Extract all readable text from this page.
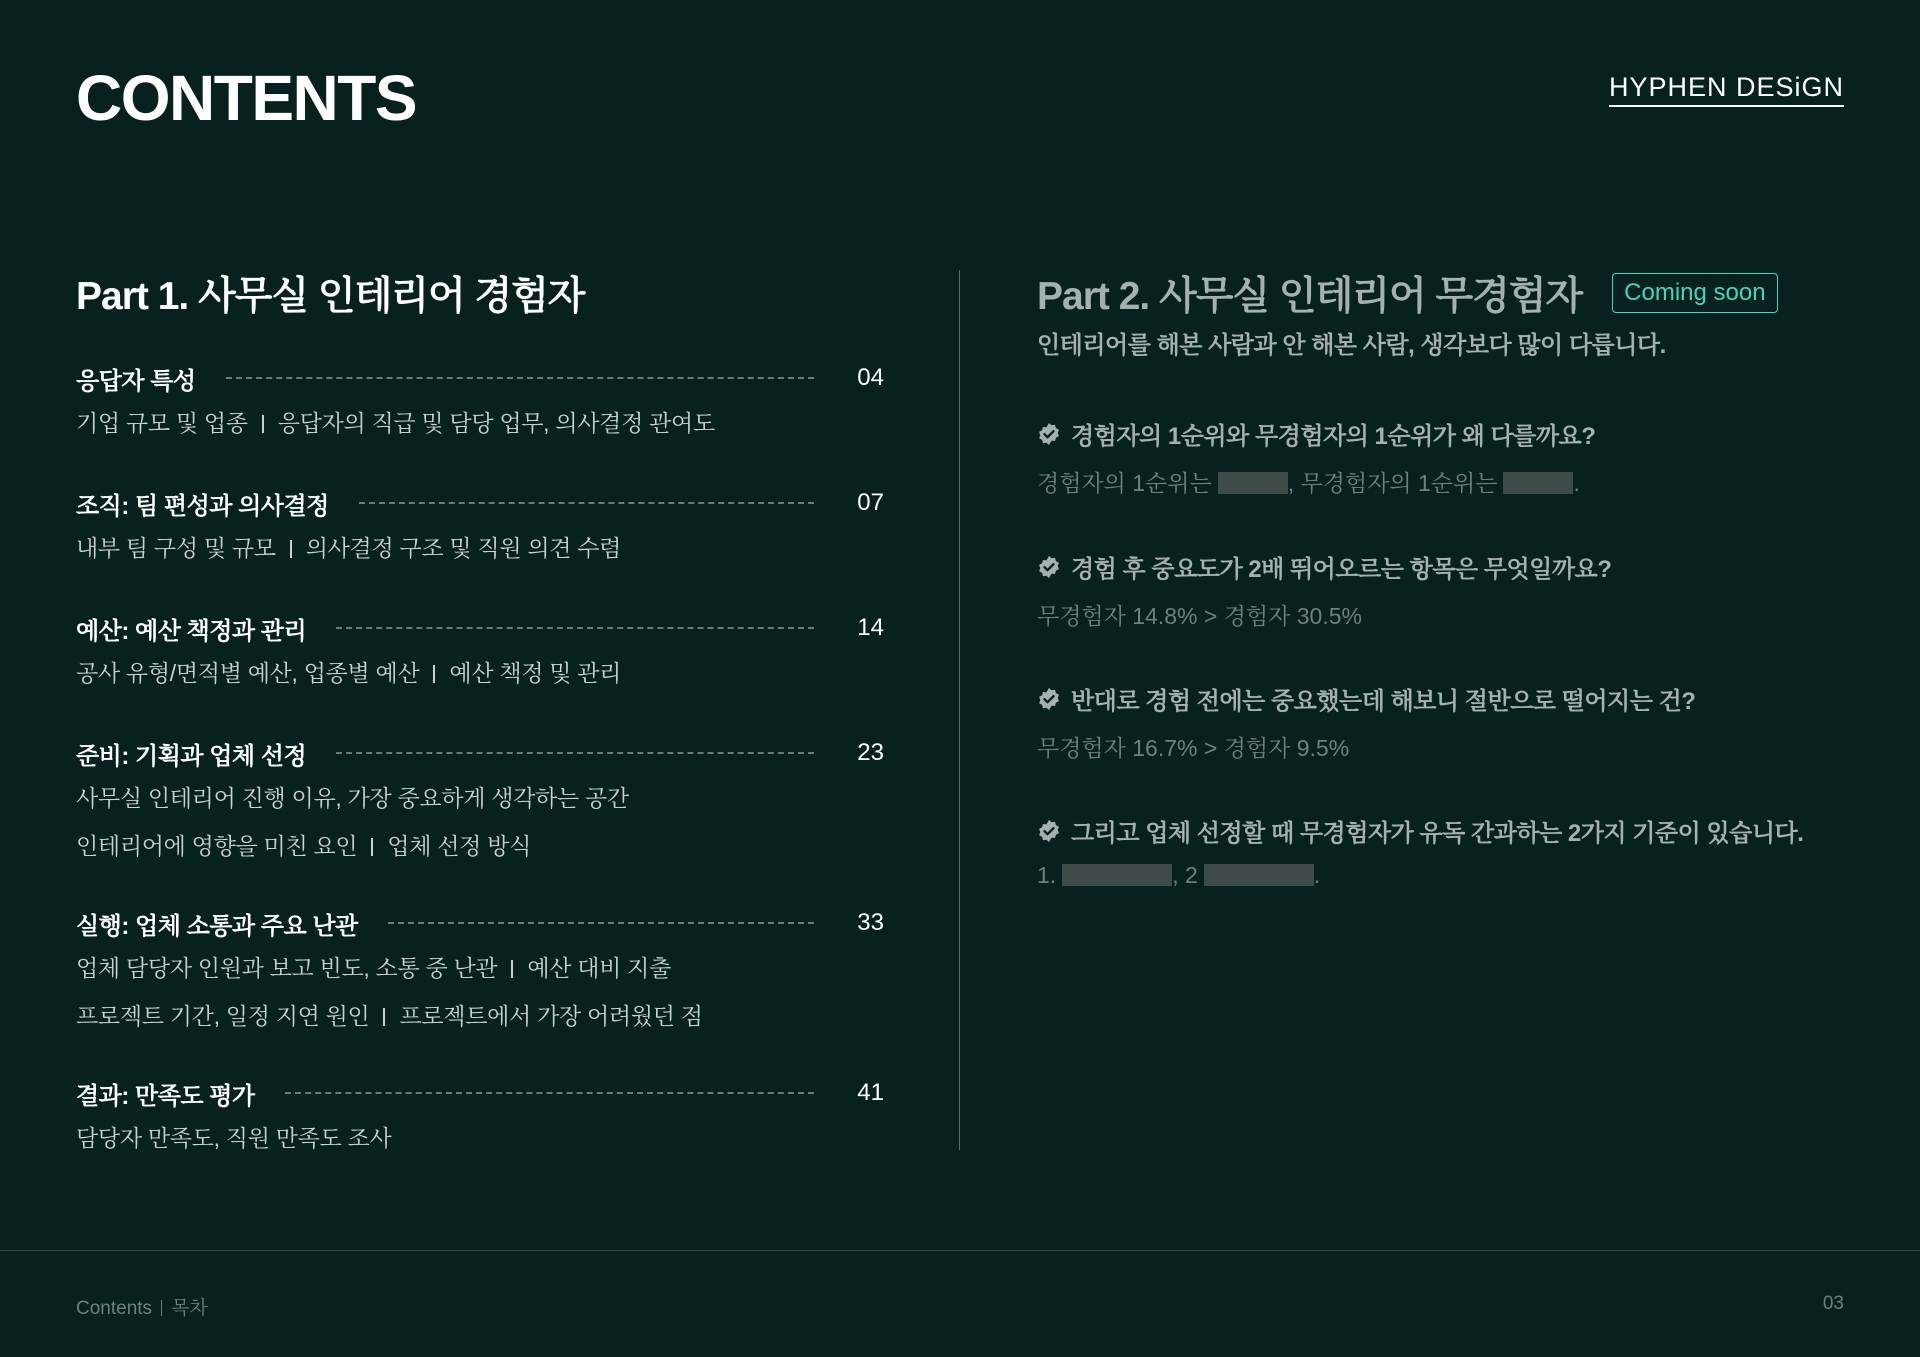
CONTENTS	HYPHEN DESiGN
Part 1. 사무실 인테리어 경험자
응답자 특성	04
기업 규모 및 업종 응답자의 직급 및 담당 업무, 의사결정 관여도
조직: 팀 편성과 의사결정	07
내부 팀 구성 및 규모 의사결정 구조 및 직원 의견 수렴
예산: 예산 책정과 관리	14
공사 유형/면적별 예산, 업종별 예산 예산 책정 및 관리
준비: 기획과 업체 선정	23
사무실 인테리어 진행 이유, 가장 중요하게 생각하는 공간
인테리어에 영향을 미친 요인 업체 선정 방식
실행: 업체 소통과 주요 난관	33
업체 담당자 인원과 보고 빈도, 소통 중 난관 예산 대비 지출
프로젝트 기간, 일정 지연 원인 프로젝트에서 가장 어려웠던 점
결과: 만족도 평가	41
담당자 만족도, 직원 만족도 조사
Part 2. 사무실 인테리어 무경험자	Coming soon
인테리어를 해본 사람과 안 해본 사람, 생각보다 많이 다릅니다.
경험자의 1순위와 무경험자의 1순위가 왜 다를까요?
경험자의 1순위는	, 무경험자의 1순위는	.
경험 후 중요도가 2배 뛰어오르는 항목은 무엇일까요?
무경험자 14.8% > 경험자 30.5%
반대로 경험 전에는 중요했는데 해보니 절반으로 떨어지는 건?
무경험자 16.7% > 경험자 9.5%
그리고 업체 선정할 때 무경험자가 유독 간과하는 2가지 기준이 있습니다.
1.	, 2	.
Contents 목차	03
